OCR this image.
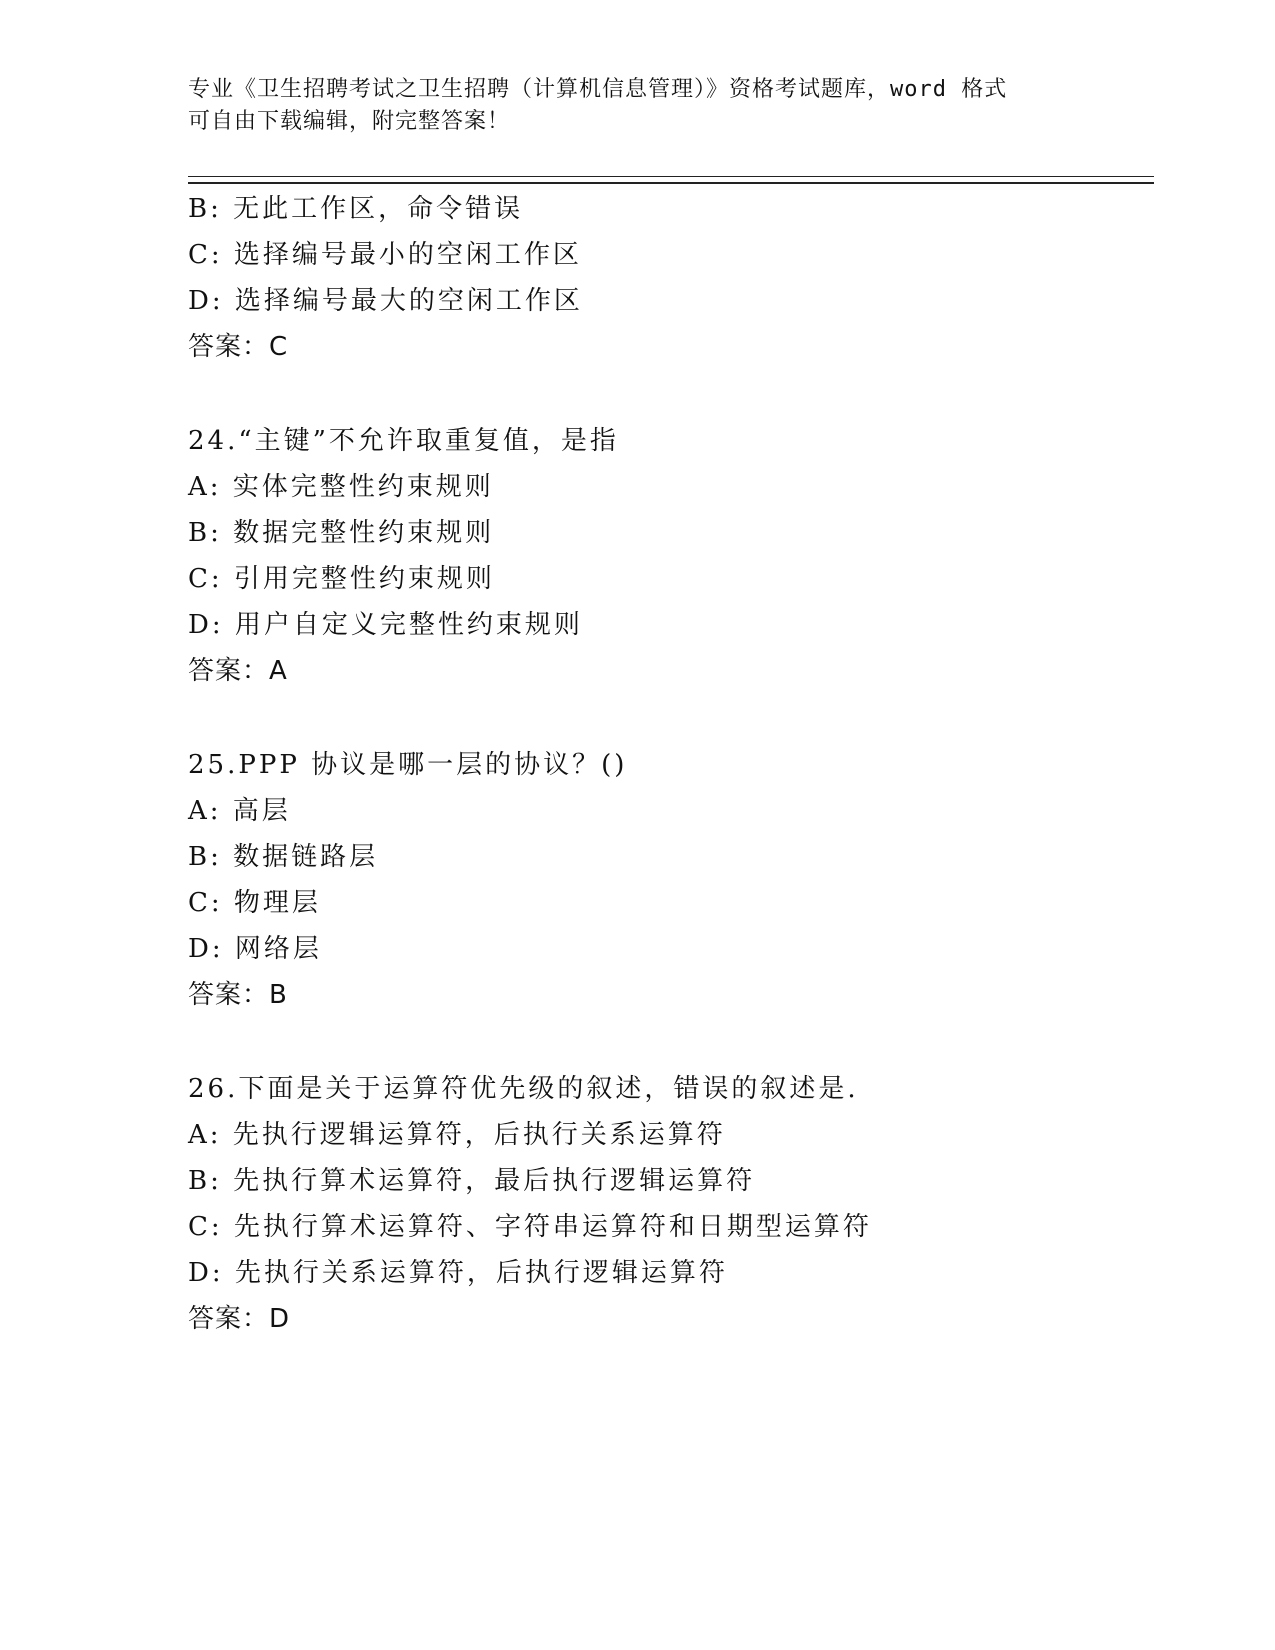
专业《卫生招聘考试之卫生招聘（计算机信息管理）》资格考试题库，word 格式
可自由下载编辑，附完整答案！
B: 无此工作区，命令错误
C: 选择编号最小的空闲工作区
D: 选择编号最大的空闲工作区
答案：C
24.“主键”不允许取重复值，是指
A: 实体完整性约束规则
B: 数据完整性约束规则
C: 引用完整性约束规则
D: 用户自定义完整性约束规则
答案：A
25.PPP 协议是哪一层的协议？()
A: 高层
B: 数据链路层
C: 物理层
D: 网络层
答案：B
26.下面是关于运算符优先级的叙述，错误的叙述是.
A: 先执行逻辑运算符，后执行关系运算符
B: 先执行算术运算符，最后执行逻辑运算符
C: 先执行算术运算符、字符串运算符和日期型运算符
D: 先执行关系运算符，后执行逻辑运算符
答案：D
